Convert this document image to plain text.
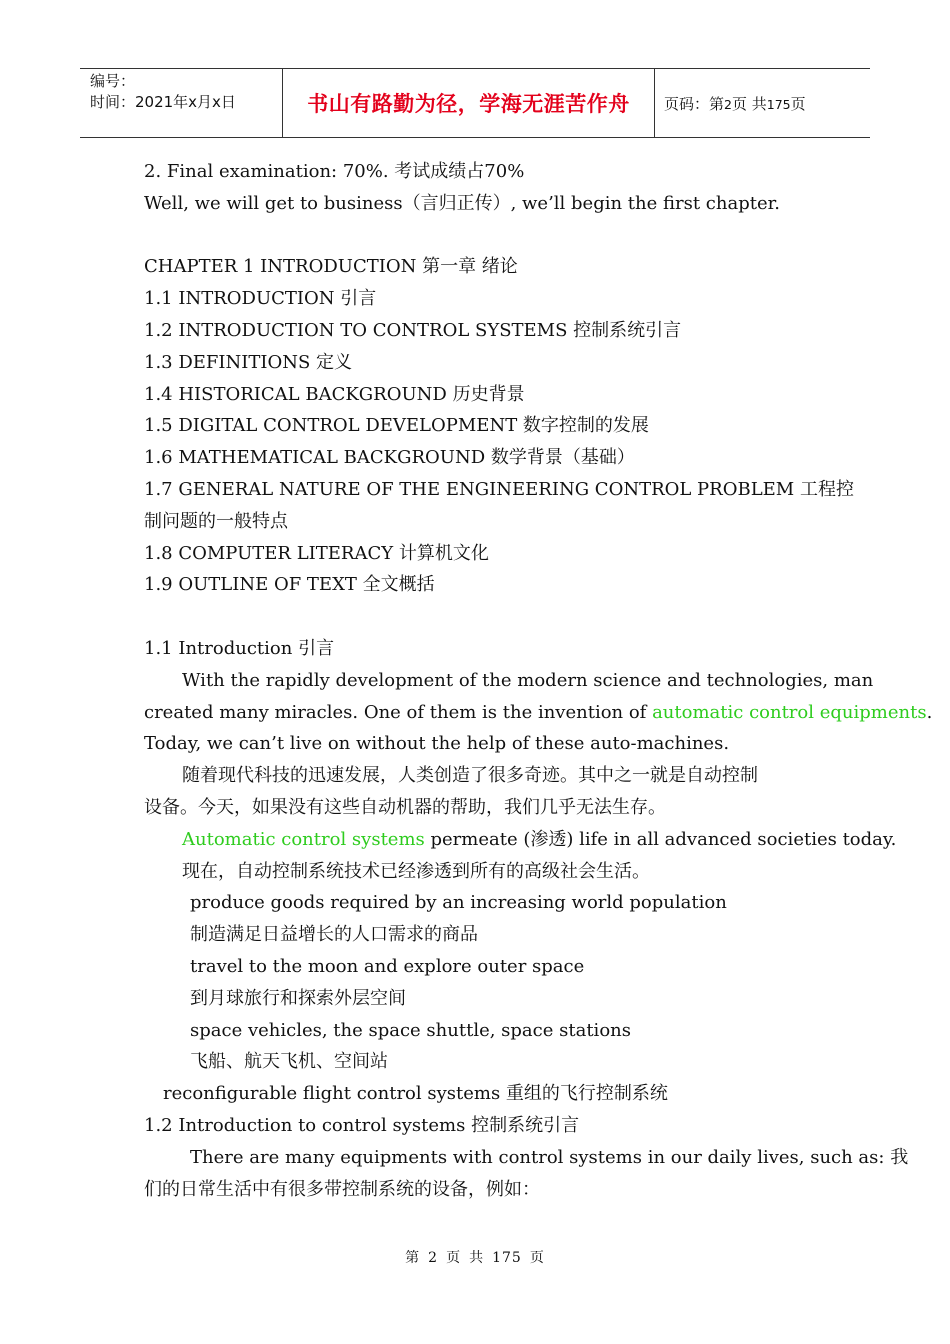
编号：
时间：2021年x月x日	书山有路勤为径，学海无涯苦作舟 页码：第2页 共175页

2. Final examination: 70%. 考试成绩占70%

Well, we will get to business（言归正传）, we’ll begin the first chapter.

CHAPTER 1 INTRODUCTION 第一章 绪论

1.1 INTRODUCTION 引言

1.2 INTRODUCTION TO CONTROL SYSTEMS 控制系统引言

1.3 DEFINITIONS 定义

1.4 HISTORICAL BACKGROUND 历史背景

1.5 DIGITAL CONTROL DEVELOPMENT 数字控制的发展

1.6 MATHEMATICAL BACKGROUND 数学背景（基础）

1.7 GENERAL NATURE OF THE ENGINEERING CONTROL PROBLEM 工程控

制问题的一般特点

1.8 COMPUTER LITERACY 计算机文化

1.9 OUTLINE OF TEXT 全文概括

1.1 Introduction 引言

With the rapidly development of the modern science and technologies, man

created many miracles. One of them is the invention of automatic control equipments.

Today, we can’t live on without the help of these auto-machines.

随着现代科技的迅速发展，人类创造了很多奇迹。其中之一就是自动控制

设备。今天，如果没有这些自动机器的帮助，我们几乎无法生存。

Automatic control systems permeate (渗透) life in all advanced societies today.

现在，自动控制系统技术已经渗透到所有的高级社会生活。

produce goods required by an increasing world population

制造满足日益增长的人口需求的商品

travel to the moon and explore outer space

到月球旅行和探索外层空间

space vehicles, the space shuttle, space stations

飞船、航天飞机、空间站

reconfigurable flight control systems 重组的飞行控制系统

1.2 Introduction to control systems 控制系统引言

There are many equipments with control systems in our daily lives, such as: 我

们的日常生活中有很多带控制系统的设备，例如：

第 2 页 共 175 页
